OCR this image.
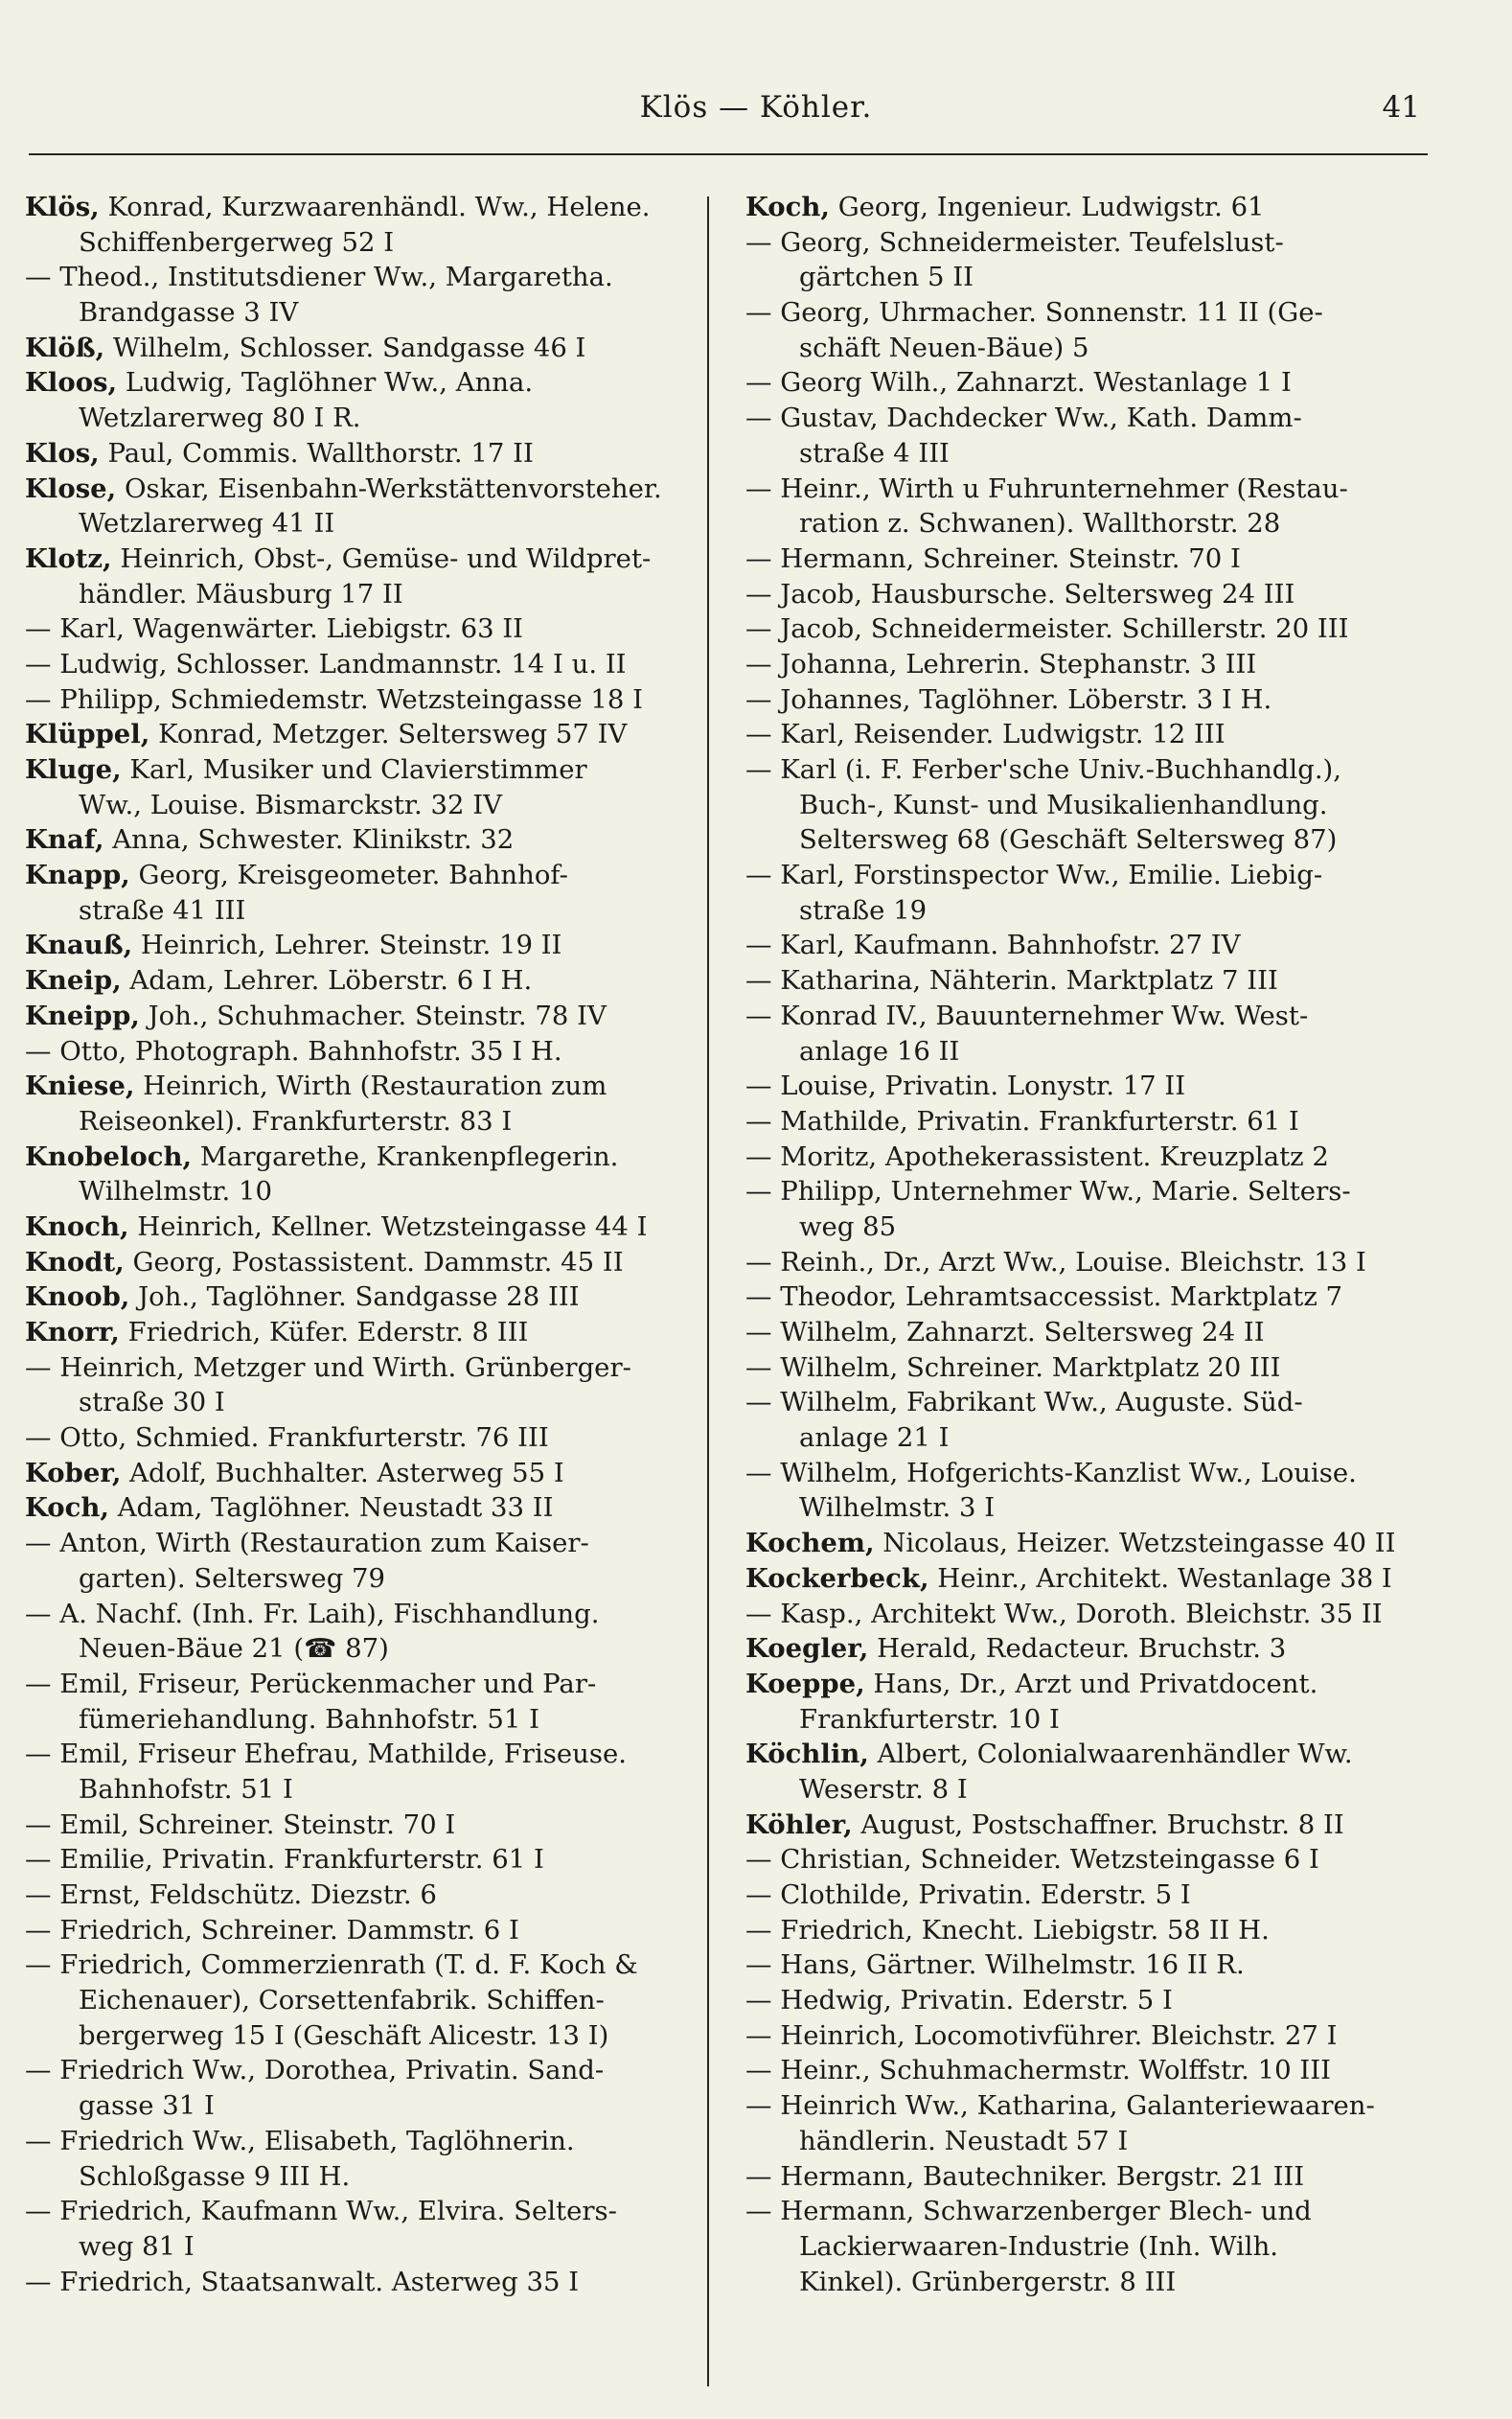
Klös — Köhler.	41
Klös, Konrad, Kurzwaarenhändl. Ww., Helene.
Schiffenbergerweg 52 I
— Theod., Institutsdiener Ww., Margaretha.
Brandgasse 3 IV
Klöß, Wilhelm, Schlosser. Sandgasse 46 I
Kloos, Ludwig, Taglöhner Ww., Anna.
Wetzlarerweg 80 I R.
Klos, Paul, Commis. Wallthorstr. 17 II
Klose, Oskar, Eisenbahn-Werkstättenvorsteher.
Wetzlarerweg 41 II
Klotz, Heinrich, Obst-, Gemüse- und Wildpret-
händler. Mäusburg 17 II
— Karl, Wagenwärter. Liebigstr. 63 II
— Ludwig, Schlosser. Landmannstr. 14 I u. II
— Philipp, Schmiedemstr. Wetzsteingasse 18 I
Klüppel, Konrad, Metzger. Seltersweg 57 IV
Kluge, Karl, Musiker und Clavierstimmer
Ww., Louise. Bismarckstr. 32 IV
Knaf, Anna, Schwester. Klinikstr. 32
Knapp, Georg, Kreisgeometer. Bahnhof-
straße 41 III
Knauß, Heinrich, Lehrer. Steinstr. 19 II
Kneip, Adam, Lehrer. Löberstr. 6 I H.
Kneipp, Joh., Schuhmacher. Steinstr. 78 IV
— Otto, Photograph. Bahnhofstr. 35 I H.
Kniese, Heinrich, Wirth (Restauration zum
Reiseonkel). Frankfurterstr. 83 I
Knobeloch, Margarethe, Krankenpflegerin.
Wilhelmstr. 10
Knoch, Heinrich, Kellner. Wetzsteingasse 44 I
Knodt, Georg, Postassistent. Dammstr. 45 II
Knoob, Joh., Taglöhner. Sandgasse 28 III
Knorr, Friedrich, Küfer. Ederstr. 8 III
— Heinrich, Metzger und Wirth. Grünberger-
straße 30 I
— Otto, Schmied. Frankfurterstr. 76 III
Kober, Adolf, Buchhalter. Asterweg 55 I
Koch, Adam, Taglöhner. Neustadt 33 II
— Anton, Wirth (Restauration zum Kaiser-
garten). Seltersweg 79
— A. Nachf. (Inh. Fr. Laih), Fischhandlung.
Neuen-Bäue 21 (☎ 87)
— Emil, Friseur, Perückenmacher und Par-
fümeriehandlung. Bahnhofstr. 51 I
— Emil, Friseur Ehefrau, Mathilde, Friseuse.
Bahnhofstr. 51 I
— Emil, Schreiner. Steinstr. 70 I
— Emilie, Privatin. Frankfurterstr. 61 I
— Ernst, Feldschütz. Diezstr. 6
— Friedrich, Schreiner. Dammstr. 6 I
— Friedrich, Commerzienrath (T. d. F. Koch &
Eichenauer), Corsettenfabrik. Schiffen-
bergerweg 15 I (Geschäft Alicestr. 13 I)
— Friedrich Ww., Dorothea, Privatin. Sand-
gasse 31 I
— Friedrich Ww., Elisabeth, Taglöhnerin.
Schloßgasse 9 III H.
— Friedrich, Kaufmann Ww., Elvira. Selters-
weg 81 I
— Friedrich, Staatsanwalt. Asterweg 35 I
Koch, Georg, Ingenieur. Ludwigstr. 61
— Georg, Schneidermeister. Teufelslust-
gärtchen 5 II
— Georg, Uhrmacher. Sonnenstr. 11 II (Ge-
schäft Neuen-Bäue) 5
— Georg Wilh., Zahnarzt. Westanlage 1 I
— Gustav, Dachdecker Ww., Kath. Damm-
straße 4 III
— Heinr., Wirth u Fuhrunternehmer (Restau-
ration z. Schwanen). Wallthorstr. 28
— Hermann, Schreiner. Steinstr. 70 I
— Jacob, Hausbursche. Seltersweg 24 III
— Jacob, Schneidermeister. Schillerstr. 20 III
— Johanna, Lehrerin. Stephanstr. 3 III
— Johannes, Taglöhner. Löberstr. 3 I H.
— Karl, Reisender. Ludwigstr. 12 III
— Karl (i. F. Ferber'sche Univ.-Buchhandlg.),
Buch-, Kunst- und Musikalienhandlung.
Seltersweg 68 (Geschäft Seltersweg 87)
— Karl, Forstinspector Ww., Emilie. Liebig-
straße 19
— Karl, Kaufmann. Bahnhofstr. 27 IV
— Katharina, Nähterin. Marktplatz 7 III
— Konrad IV., Bauunternehmer Ww. West-
anlage 16 II
— Louise, Privatin. Lonystr. 17 II
— Mathilde, Privatin. Frankfurterstr. 61 I
— Moritz, Apothekerassistent. Kreuzplatz 2
— Philipp, Unternehmer Ww., Marie. Selters-
weg 85
— Reinh., Dr., Arzt Ww., Louise. Bleichstr. 13 I
— Theodor, Lehramtsaccessist. Marktplatz 7
— Wilhelm, Zahnarzt. Seltersweg 24 II
— Wilhelm, Schreiner. Marktplatz 20 III
— Wilhelm, Fabrikant Ww., Auguste. Süd-
anlage 21 I
— Wilhelm, Hofgerichts-Kanzlist Ww., Louise.
Wilhelmstr. 3 I
Kochem, Nicolaus, Heizer. Wetzsteingasse 40 II
Kockerbeck, Heinr., Architekt. Westanlage 38 I
— Kasp., Architekt Ww., Doroth. Bleichstr. 35 II
Koegler, Herald, Redacteur. Bruchstr. 3
Koeppe, Hans, Dr., Arzt und Privatdocent.
Frankfurterstr. 10 I
Köchlin, Albert, Colonialwaarenhändler Ww.
Weserstr. 8 I
Köhler, August, Postschaffner. Bruchstr. 8 II
— Christian, Schneider. Wetzsteingasse 6 I
— Clothilde, Privatin. Ederstr. 5 I
— Friedrich, Knecht. Liebigstr. 58 II H.
— Hans, Gärtner. Wilhelmstr. 16 II R.
— Hedwig, Privatin. Ederstr. 5 I
— Heinrich, Locomotivführer. Bleichstr. 27 I
— Heinr., Schuhmachermstr. Wolffstr. 10 III
— Heinrich Ww., Katharina, Galanteriewaaren-
händlerin. Neustadt 57 I
— Hermann, Bautechniker. Bergstr. 21 III
— Hermann, Schwarzenberger Blech- und
Lackierwaaren-Industrie (Inh. Wilh.
Kinkel). Grünbergerstr. 8 III
